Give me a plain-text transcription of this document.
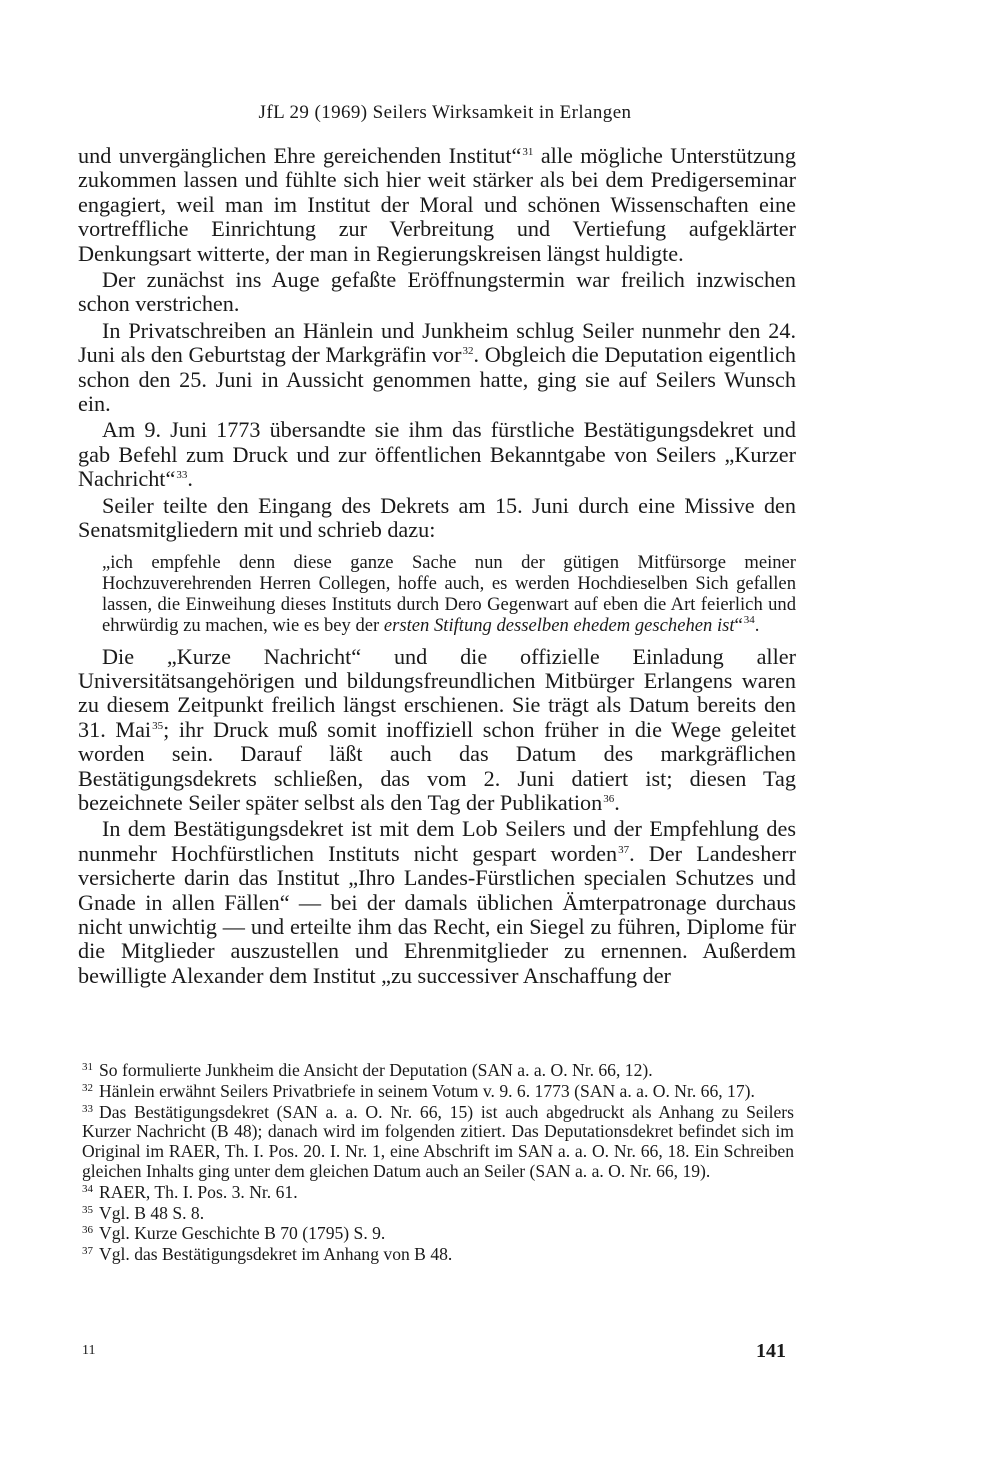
JfL 29 (1969) Seilers Wirksamkeit in Erlangen

und unvergänglichen Ehre gereichenden Institut“$^{31}$ alle mögliche Unterstützung zukommen lassen und fühlte sich hier weit stärker als bei dem Predigerseminar engagiert, weil man im Institut der Moral und schönen Wissenschaften eine vortreffliche Einrichtung zur Verbreitung und Vertiefung aufgeklärter Denkungsart witterte, der man in Regierungskreisen längst huldigte.

Der zunächst ins Auge gefaßte Eröffnungstermin war freilich inzwischen schon verstrichen.

In Privatschreiben an Hänlein und Junkheim schlug Seiler nunmehr den 24. Juni als den Geburtstag der Markgräfin vor$^{32}$. Obgleich die Deputation eigentlich schon den 25. Juni in Aussicht genommen hatte, ging sie auf Seilers Wunsch ein.

Am 9. Juni 1773 übersandte sie ihm das fürstliche Bestätigungsdekret und gab Befehl zum Druck und zur öffentlichen Bekanntgabe von Seilers „Kurzer Nachricht“$^{33}$.

Seiler teilte den Eingang des Dekrets am 15. Juni durch eine Missive den Senatsmitgliedern mit und schrieb dazu:

„ich empfehle denn diese ganze Sache nun der gütigen Mitfürsorge meiner Hochzuverehrenden Herren Collegen, hoffe auch, es werden Hochdieselben Sich gefallen lassen, die Einweihung dieses Instituts durch Dero Gegenwart auf eben die Art feierlich und ehrwürdig zu machen, wie es bey der ersten Stiftung desselben ehedem geschehen ist“$^{34}$.

Die „Kurze Nachricht“ und die offizielle Einladung aller Universitätsangehörigen und bildungsfreundlichen Mitbürger Erlangens waren zu diesem Zeitpunkt freilich längst erschienen. Sie trägt als Datum bereits den 31. Mai$^{35}$; ihr Druck muß somit inoffiziell schon früher in die Wege geleitet worden sein. Darauf läßt auch das Datum des markgräflichen Bestätigungsdekrets schließen, das vom 2. Juni datiert ist; diesen Tag bezeichnete Seiler später selbst als den Tag der Publikation$^{36}$.

In dem Bestätigungsdekret ist mit dem Lob Seilers und der Empfehlung des nunmehr Hochfürstlichen Instituts nicht gespart worden$^{37}$. Der Landesherr versicherte darin das Institut „Ihro Landes-Fürstlichen specialen Schutzes und Gnade in allen Fällen“ — bei der damals üblichen Ämterpatronage durchaus nicht unwichtig — und erteilte ihm das Recht, ein Siegel zu führen, Diplome für die Mitglieder auszustellen und Ehrenmitglieder zu ernennen. Außerdem bewilligte Alexander dem Institut „zu successiver Anschaffung der

$^{31}$ So formulierte Junkheim die Ansicht der Deputation (SAN a. a. O. Nr. 66, 12).

$^{32}$ Hänlein erwähnt Seilers Privatbriefe in seinem Votum v. 9. 6. 1773 (SAN a. a. O. Nr. 66, 17).

$^{33}$ Das Bestätigungsdekret (SAN a. a. O. Nr. 66, 15) ist auch abgedruckt als Anhang zu Seilers Kurzer Nachricht (B 48); danach wird im folgenden zitiert. Das Deputationsdekret befindet sich im Original im RAER, Th. I. Pos. 20. I. Nr. 1, eine Abschrift im SAN a. a. O. Nr. 66, 18. Ein Schreiben gleichen Inhalts ging unter dem gleichen Datum auch an Seiler (SAN a. a. O. Nr. 66, 19).

$^{34}$ RAER, Th. I. Pos. 3. Nr. 61.

$^{35}$ Vgl. B 48 S. 8.

$^{36}$ Vgl. Kurze Geschichte B 70 (1795) S. 9.

$^{37}$ Vgl. das Bestätigungsdekret im Anhang von B 48.

11	141
